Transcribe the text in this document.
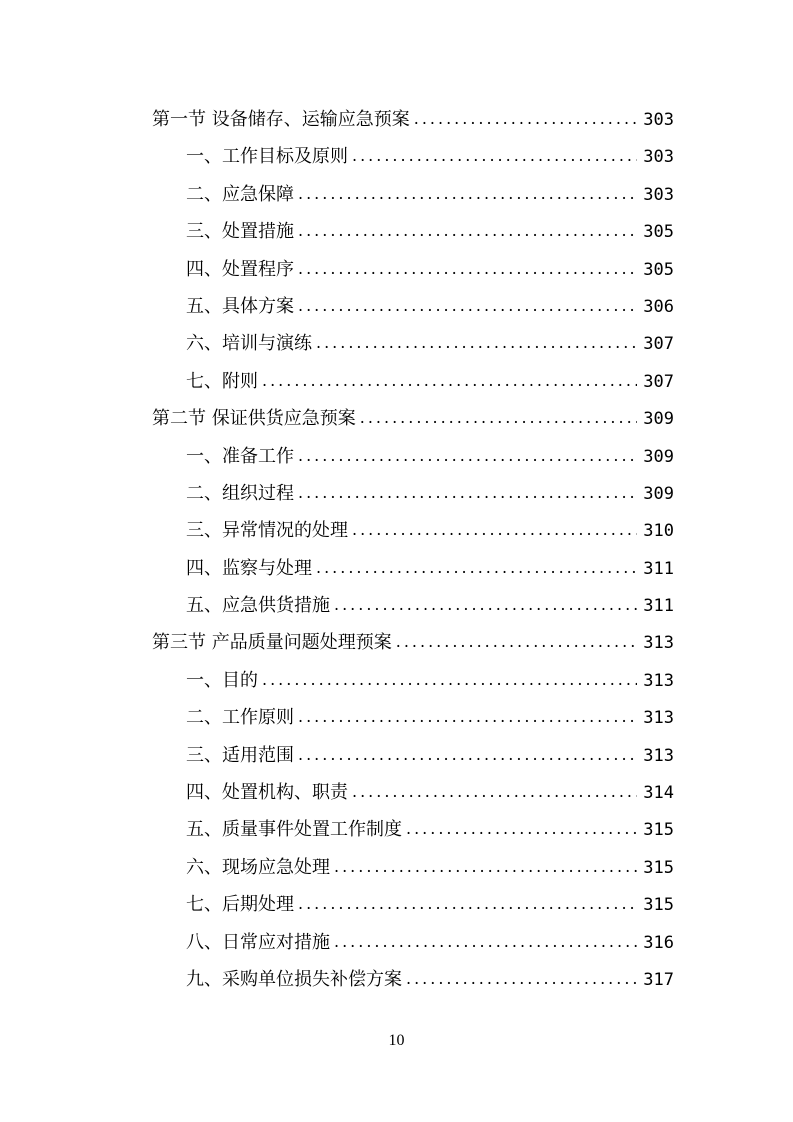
第一节 设备储存、运输应急预案 .....	303
一、工作目标及原则 .....	303
二、应急保障 .....	303
三、处置措施 .....	305
四、处置程序 .....	305
五、具体方案 .....	306
六、培训与演练 .....	307
七、附则 .....	307
第二节 保证供货应急预案 .....	309
一、准备工作 .....	309
二、组织过程 .....	309
三、异常情况的处理 .....	310
四、监察与处理 .....	311
五、应急供货措施 .....	311
第三节 产品质量问题处理预案 .....	313
一、目的 .....	313
二、工作原则 .....	313
三、适用范围 .....	313
四、处置机构、职责 .....	314
五、质量事件处置工作制度 .....	315
六、现场应急处理 .....	315
七、后期处理 .....	315
八、日常应对措施 .....	316
九、采购单位损失补偿方案 .....	317
10
